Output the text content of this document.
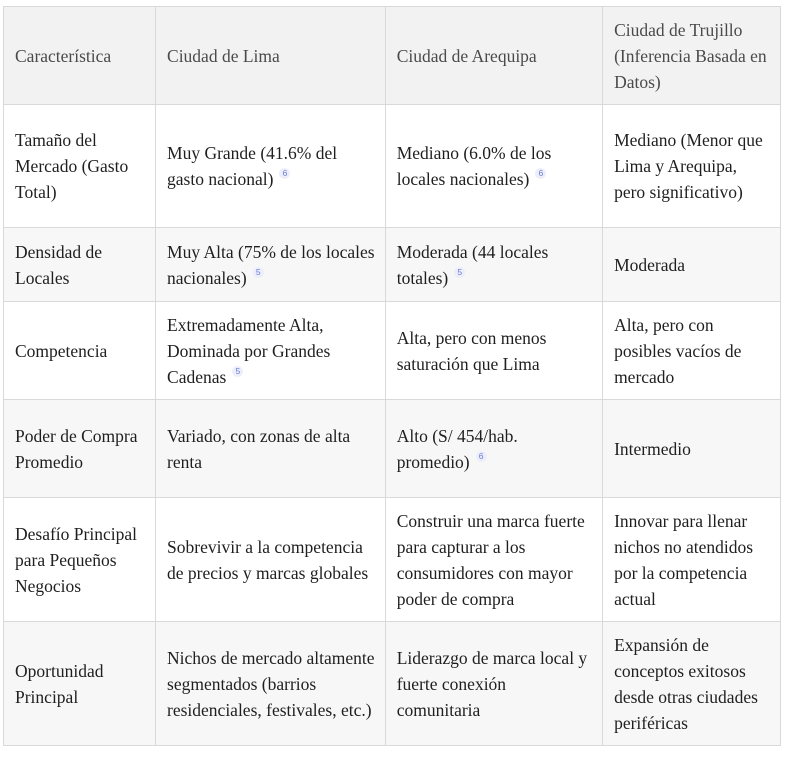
Característica	Ciudad de Lima	Ciudad de Arequipa	Ciudad de Trujillo (Inferencia Basada en Datos)
Tamaño del Mercado (Gasto Total)	Muy Grande (41.6% del gasto nacional) $^6$	Mediano (6.0% de los locales nacionales) $^6$	Mediano (Menor que Lima y Arequipa, pero significativo)
Densidad de Locales	Muy Alta (75% de los locales nacionales) $^5$	Moderada (44 locales totales) $^5$	Moderada
Competencia	Extremadamente Alta, Dominada por Grandes Cadenas $^5$	Alta, pero con menos saturación que Lima	Alta, pero con posibles vacíos de mercado
Poder de Compra Promedio	Variado, con zonas de alta renta	Alto (S/ 454/hab. promedio) $^6$	Intermedio
Desafío Principal para Pequeños Negocios	Sobrevivir a la competencia de precios y marcas globales	Construir una marca fuerte para capturar a los consumidores con mayor poder de compra	Innovar para llenar nichos no atendidos por la competencia actual
Oportunidad Principal	Nichos de mercado altamente segmentados (barrios residenciales, festivales, etc.)	Liderazgo de marca local y fuerte conexión comunitaria	Expansión de conceptos exitosos desde otras ciudades periféricas
